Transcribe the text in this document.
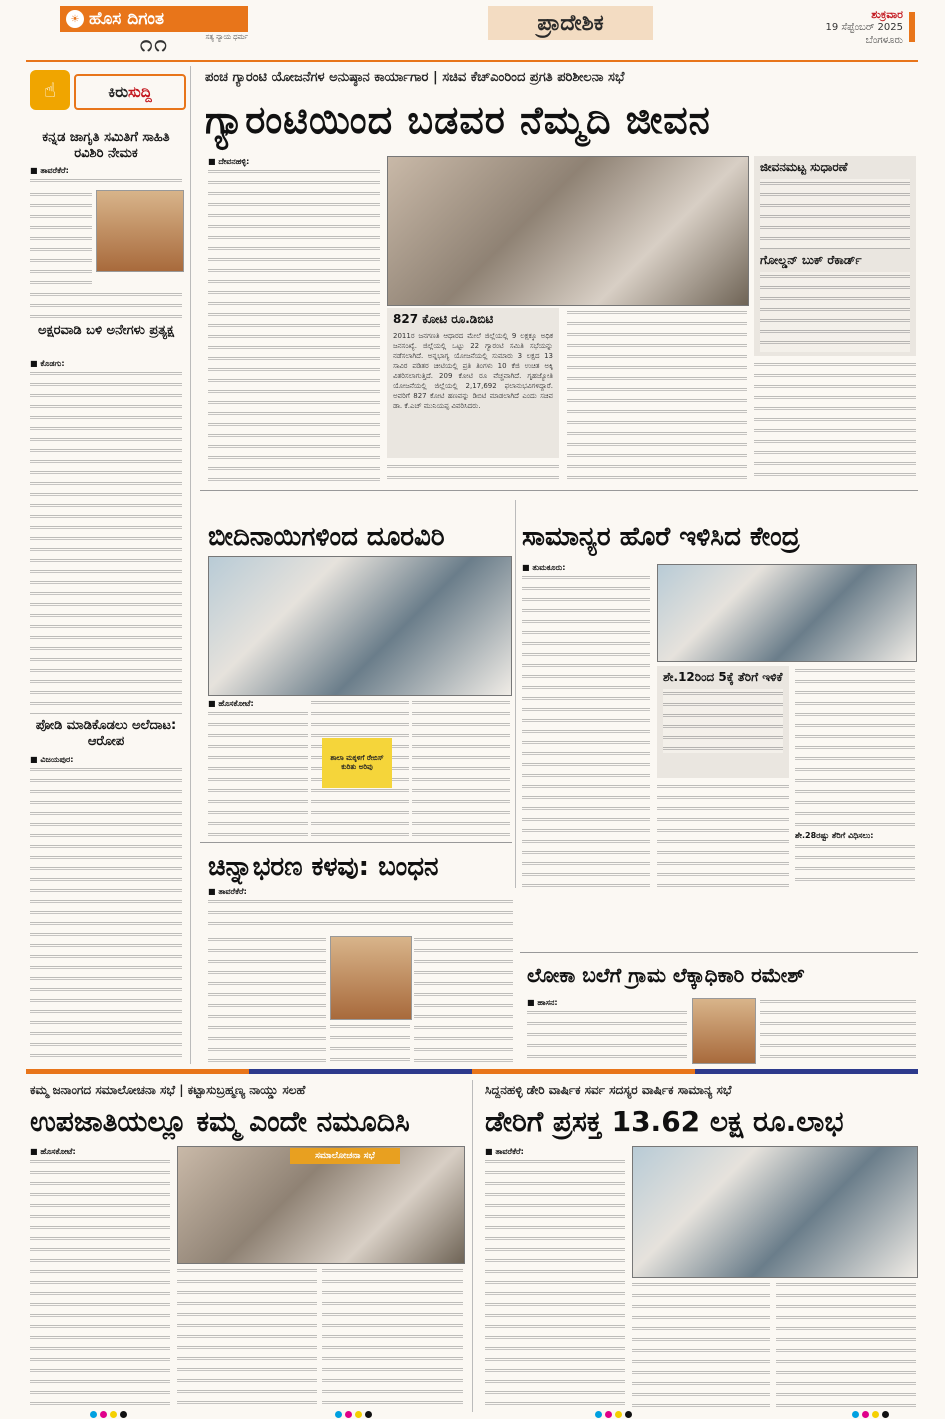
☀ ಹೊಸ ದಿಗಂತ
ಸತ್ಯ ನ್ಯಾಯ ಧರ್ಮ
೧೧
ಪ್ರಾದೇಶಿಕ	ಶುಕ್ರವಾರ
19 ಸೆಪ್ಟೆಂಬರ್ 2025
ಬೆಂಗಳೂರು
☝	ಕಿರು ಸುದ್ದಿ
ಕನ್ನಡ ಜಾಗೃತಿ ಸಮಿತಿಗೆ ಸಾಹಿತಿ ರವಿಶಿರಿ ನೇಮಕ
■ ತಾವರೆಕೆರೆ:
ಅಕ್ಷರವಾಡಿ ಬಳಿ ಅನೇಗಳು ಪ್ರತ್ಯಕ್ಷ
■ ಕೊಡಗು:
ಪೋಡಿ ಮಾಡಿಕೊಡಲು ಅಲೆದಾಟ: ಆರೋಪ
■ ವಿಜಯಪುರ:
ಪಂಚ ಗ್ಯಾರಂಟಿ ಯೋಜನೆಗಳ ಅನುಷ್ಠಾನ ಕಾರ್ಯಾಗಾರ | ಸಚಿವ ಕೆಚ್‌ಎಂರಿಂದ ಪ್ರಗತಿ ಪರಿಶೀಲನಾ ಸಭೆ
ಗ್ಯಾರಂಟಿಯಿಂದ ಬಡವರ ನೆಮ್ಮದಿ ಜೀವನ
■ ದೇವನಹಳ್ಳಿ:
827 ಕೋಟಿ ರೂ.ಡಿಬಿಟಿ
2011ರ ಜನಗಣತಿ ಆಧಾರದ ಮೇಲೆ ಜಿಲ್ಲೆಯಲ್ಲಿ 9 ಲಕ್ಷಕ್ಕೂ ಅಧಿಕ ಜನಸಂಖ್ಯೆ. ಜಿಲ್ಲೆಯಲ್ಲಿ ಒಟ್ಟು 22 ಗ್ಯಾರಂಟಿ ಸಮಿತಿ ಸಭೆಯನ್ನು ನಡೆಸಲಾಗಿದೆ. ಅನ್ನಭಾಗ್ಯ ಯೋಜನೆಯಲ್ಲಿ ಸುಮಾರು 3 ಲಕ್ಷದ 13 ಸಾವಿರ ಪಡಿತರ ಚೀಟಿಯಲ್ಲಿ ಪ್ರತಿ ತಿಂಗಳು 10 ಕೆಜಿ ಉಚಿತ ಅಕ್ಕಿ ವಿತರಿಸಲಾಗುತ್ತಿದೆ. 209 ಕೋಟಿ ರೂ ವೆಚ್ಚವಾಗಿದೆ. ಗೃಹಜ್ಯೋತಿ ಯೋಜನೆಯಲ್ಲಿ ಜಿಲ್ಲೆಯಲ್ಲಿ 2,17,692 ಫಲಾನುಭವಿಗಳಿದ್ದಾರೆ. ಅವರಿಗೆ 827 ಕೋಟಿ ಹಣವನ್ನು ಡಿಬಿಟಿ ಮಾಡಲಾಗಿದೆ ಎಂದು ಸಚಿವ ಡಾ. ಕೆ.ಎಚ್ ಮುನಿಯಪ್ಪ ವಿವರಿಸಿದರು.
ಜೀವನಮಟ್ಟ ಸುಧಾರಣೆ
ಗೋಲ್ಡನ್ ಬುಕ್ ರೆಕಾರ್ಡ್
ಬೀದಿನಾಯಿಗಳಿಂದ ದೂರವಿರಿ
■ ಹೊಸಕೋಟೆ:
ಶಾಲಾ ಮಕ್ಕಳಿಗೆ ರೇಬಿಸ್ ಕುರಿತು ಅರಿವು
ಸಾಮಾನ್ಯರ ಹೊರೆ ಇಳಿಸಿದ ಕೇಂದ್ರ
■ ತುಮಕೂರು:
ಶೇ.12ರಿಂದ 5ಕ್ಕೆ ತೆರಿಗೆ ಇಳಿಕೆ
ಶೇ.28ರಷ್ಟು ತೆರಿಗೆ ವಿಧಿಸಲು:
ಚಿನ್ನಾಭರಣ ಕಳವು: ಬಂಧನ
■ ತಾವರೆಕೆರೆ:
ಲೋಕಾ ಬಲೆಗೆ ಗ್ರಾಮ ಲೆಕ್ಕಾಧಿಕಾರಿ ರಮೇಶ್
■ ಹಾಸನ:
ಕಮ್ಮ ಜನಾಂಗದ ಸಮಾಲೋಚನಾ ಸಭೆ | ಕಟ್ಟಾಸುಬ್ರಹ್ಮಣ್ಯ ನಾಯ್ಡು ಸಲಹೆ
ಉಪಜಾತಿಯಲ್ಲೂ ಕಮ್ಮ ಎಂದೇ ನಮೂದಿಸಿ
■ ಹೊಸಕೋಟೆ:	ಸಮಾಲೋಚನಾ ಸಭೆ
ಸಿದ್ದನಹಳ್ಳಿ ಡೇರಿ ವಾರ್ಷಿಕ ಸರ್ವ ಸದಸ್ಯರ ವಾರ್ಷಿಕ ಸಾಮಾನ್ಯ ಸಭೆ
ಡೇರಿಗೆ ಪ್ರಸಕ್ತ 13.62 ಲಕ್ಷ ರೂ.ಲಾಭ
■ ತಾವರೆಕೆರೆ:
